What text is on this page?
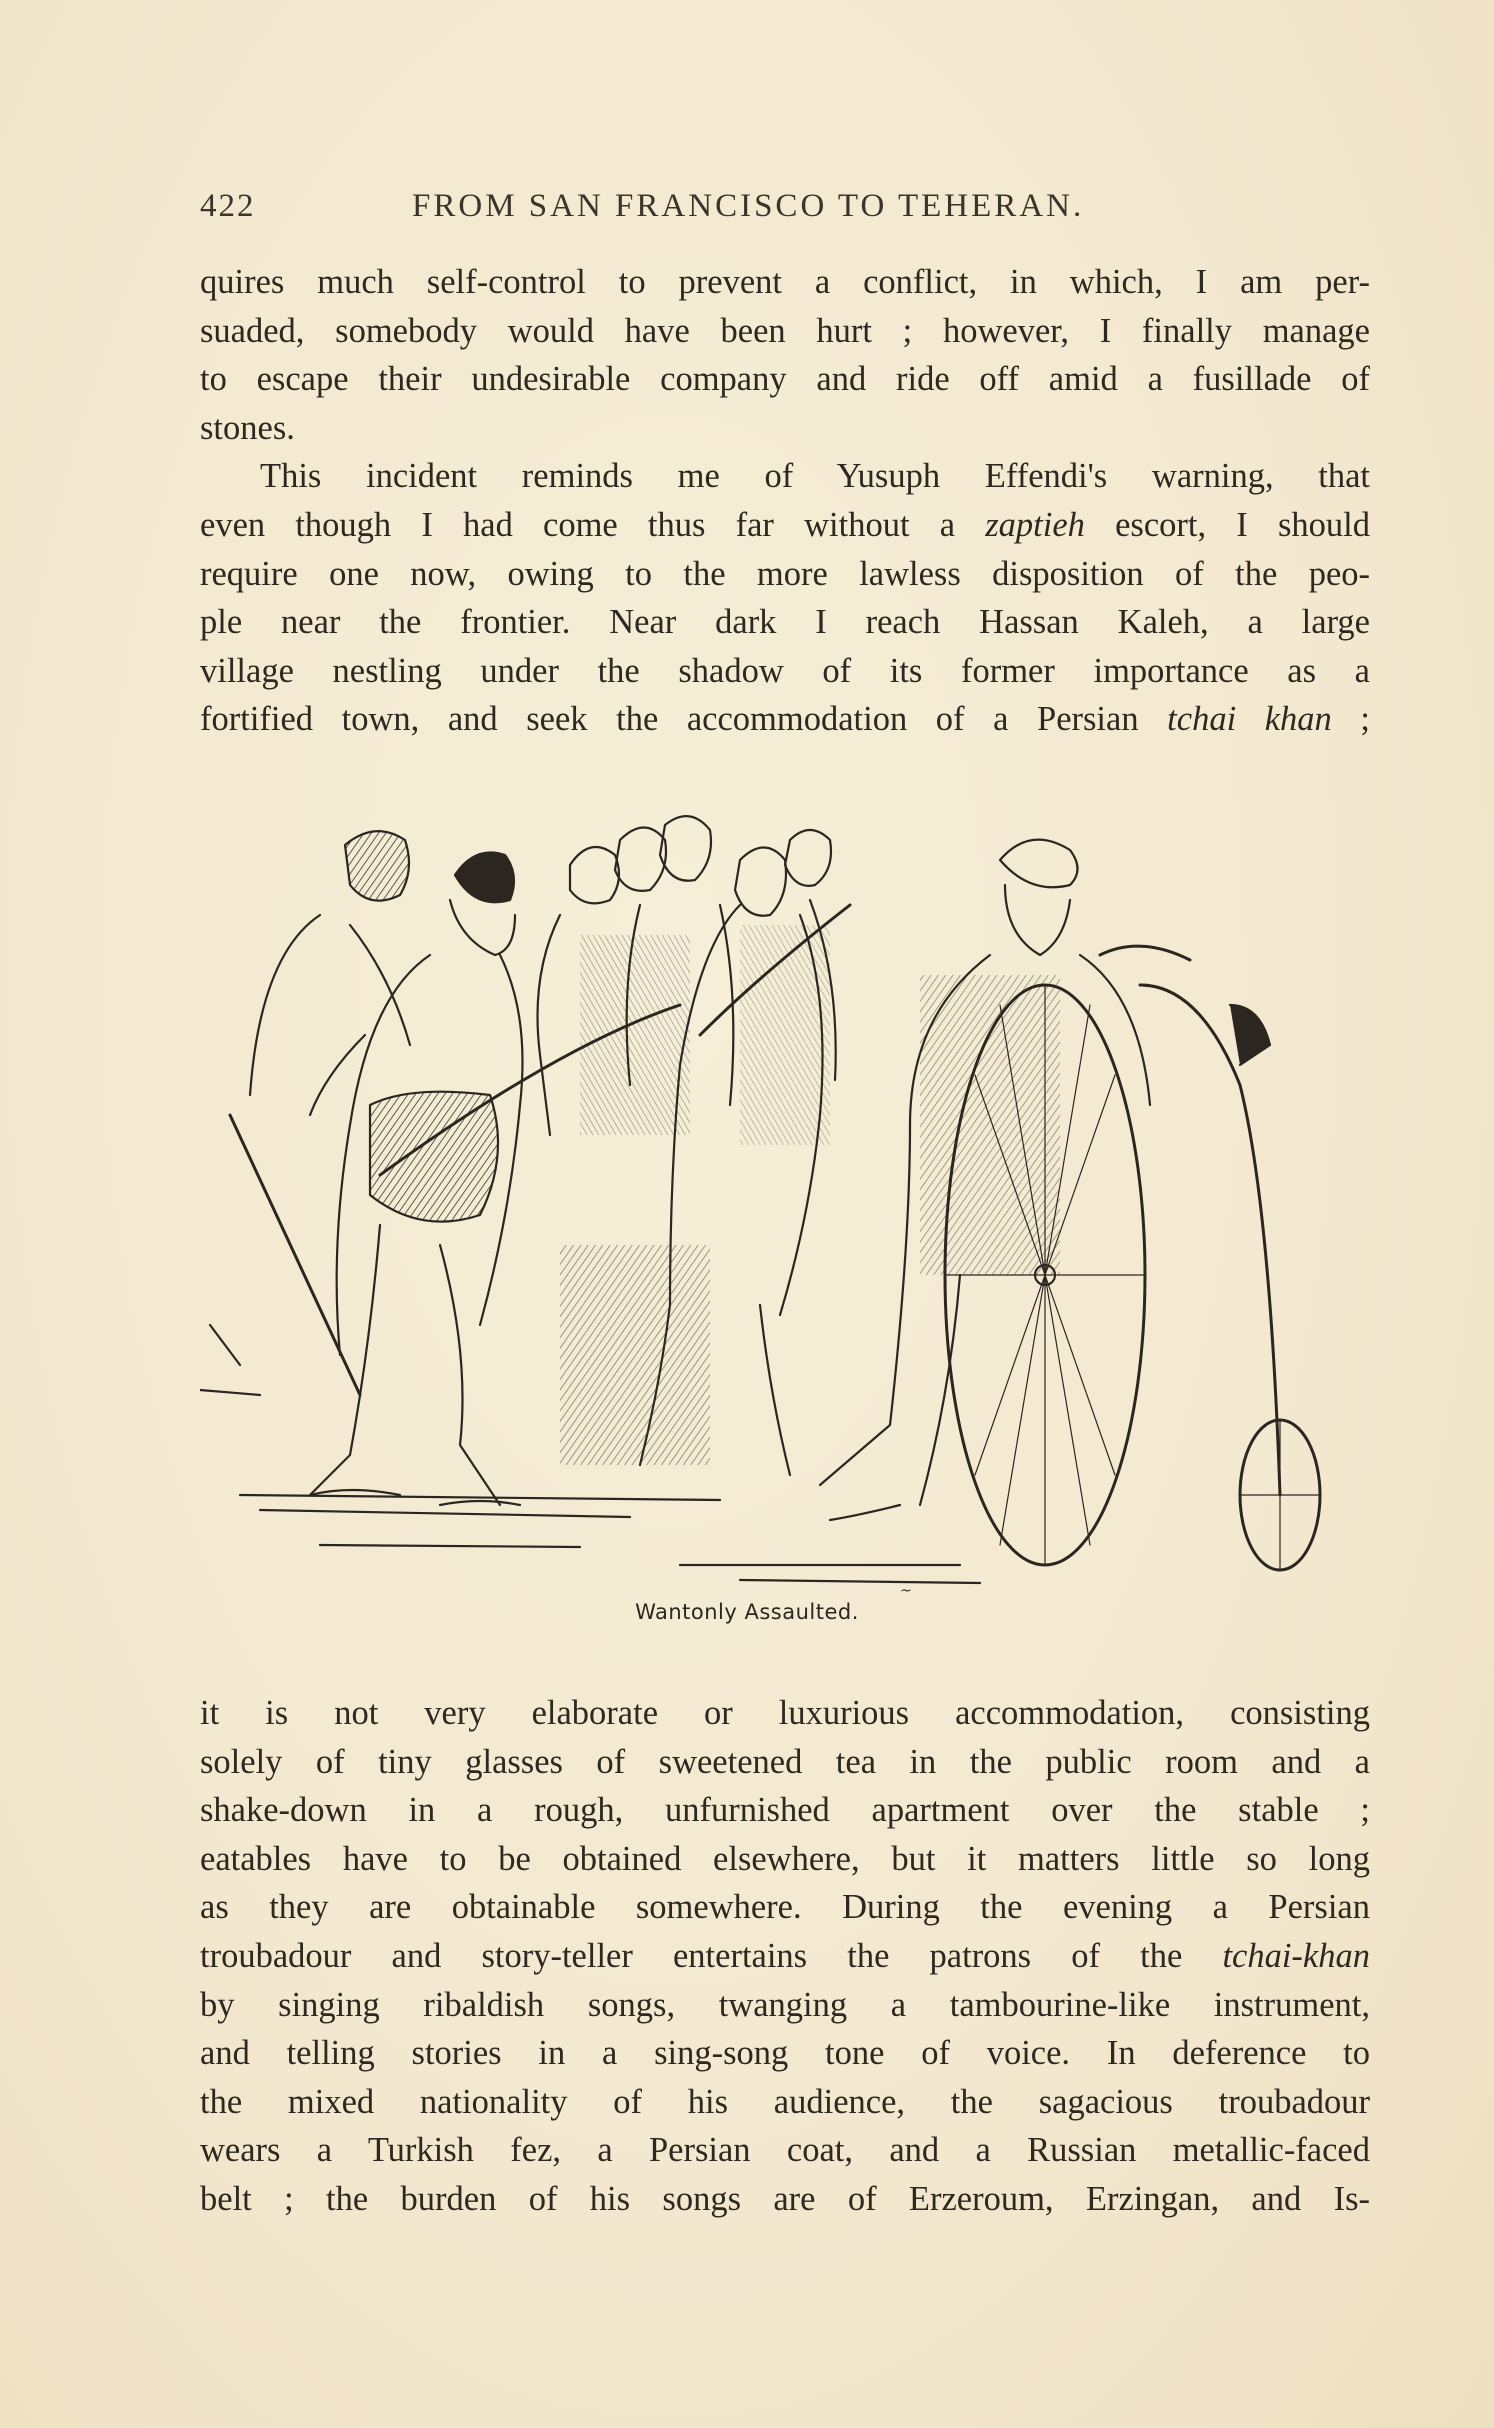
422	FROM SAN FRANCISCO TO TEHERAN.
quires much self-control to prevent a conflict, in which, I am per-
suaded, somebody would have been hurt ; however, I finally manage
to escape their undesirable company and ride off amid a fusillade of
stones.
This incident reminds me of Yusuph Effendi's warning, that
even though I had come thus far without a zaptieh escort, I should
require one now, owing to the more lawless disposition of the peo-
ple near the frontier. Near dark I reach Hassan Kaleh, a large
village nestling under the shadow of its former importance as a
fortified town, and seek the accommodation of a Persian tchai khan ;
~
Wantonly Assaulted.
it is not very elaborate or luxurious accommodation, consisting
solely of tiny glasses of sweetened tea in the public room and a
shake-down in a rough, unfurnished apartment over the stable ;
eatables have to be obtained elsewhere, but it matters little so long
as they are obtainable somewhere. During the evening a Persian
troubadour and story-teller entertains the patrons of the tchai-khan
by singing ribaldish songs, twanging a tambourine-like instrument,
and telling stories in a sing-song tone of voice. In deference to
the mixed nationality of his audience, the sagacious troubadour
wears a Turkish fez, a Persian coat, and a Russian metallic-faced
belt ; the burden of his songs are of Erzeroum, Erzingan, and Is-
